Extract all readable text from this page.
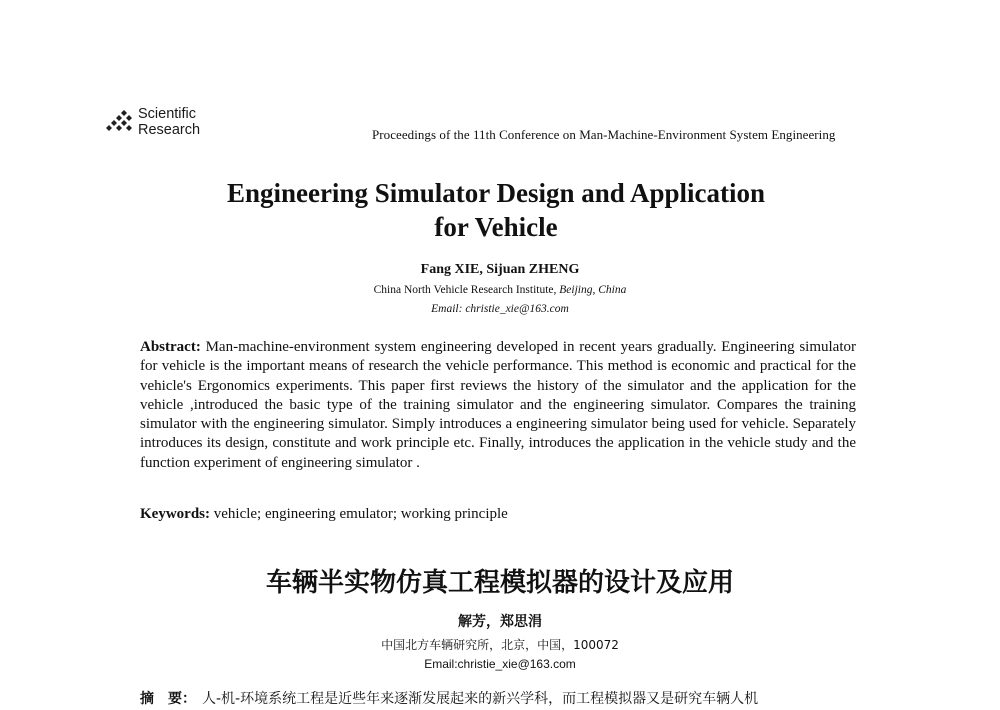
Scientific
Research	Proceedings of the 11th Conference on Man-Machine-Environment System Engineering
Engineering Simulator Design and Application
for Vehicle
Fang XIE, Sijuan ZHENG
China North Vehicle Research Institute, Beijing, China
Email: christie_xie@163.com
Abstract: Man-machine-environment system engineering developed in recent years gradually. Engineering simulator for vehicle is the important means of research the vehicle performance. This method is economic and practical for the vehicle's Ergonomics experiments. This paper first reviews the history of the simulator and the application for the vehicle ,introduced the basic type of the training simulator and the engineering simulator. Compares the training simulator with the engineering simulator. Simply introduces a engineering simulator being used for vehicle. Separately introduces its design, constitute and work principle etc. Finally, introduces the application in the vehicle study and the function experiment of engineering simulator .
Keywords: vehicle; engineering emulator; working principle
车辆半实物仿真工程模拟器的设计及应用
解芳，郑思涓
中国北方车辆研究所，北京，中国，100072
Email:christie_xie@163.com
摘　要： 人-机-环境系统工程是近些年来逐渐发展起来的新兴学科，而工程模拟器又是研究车辆人机
